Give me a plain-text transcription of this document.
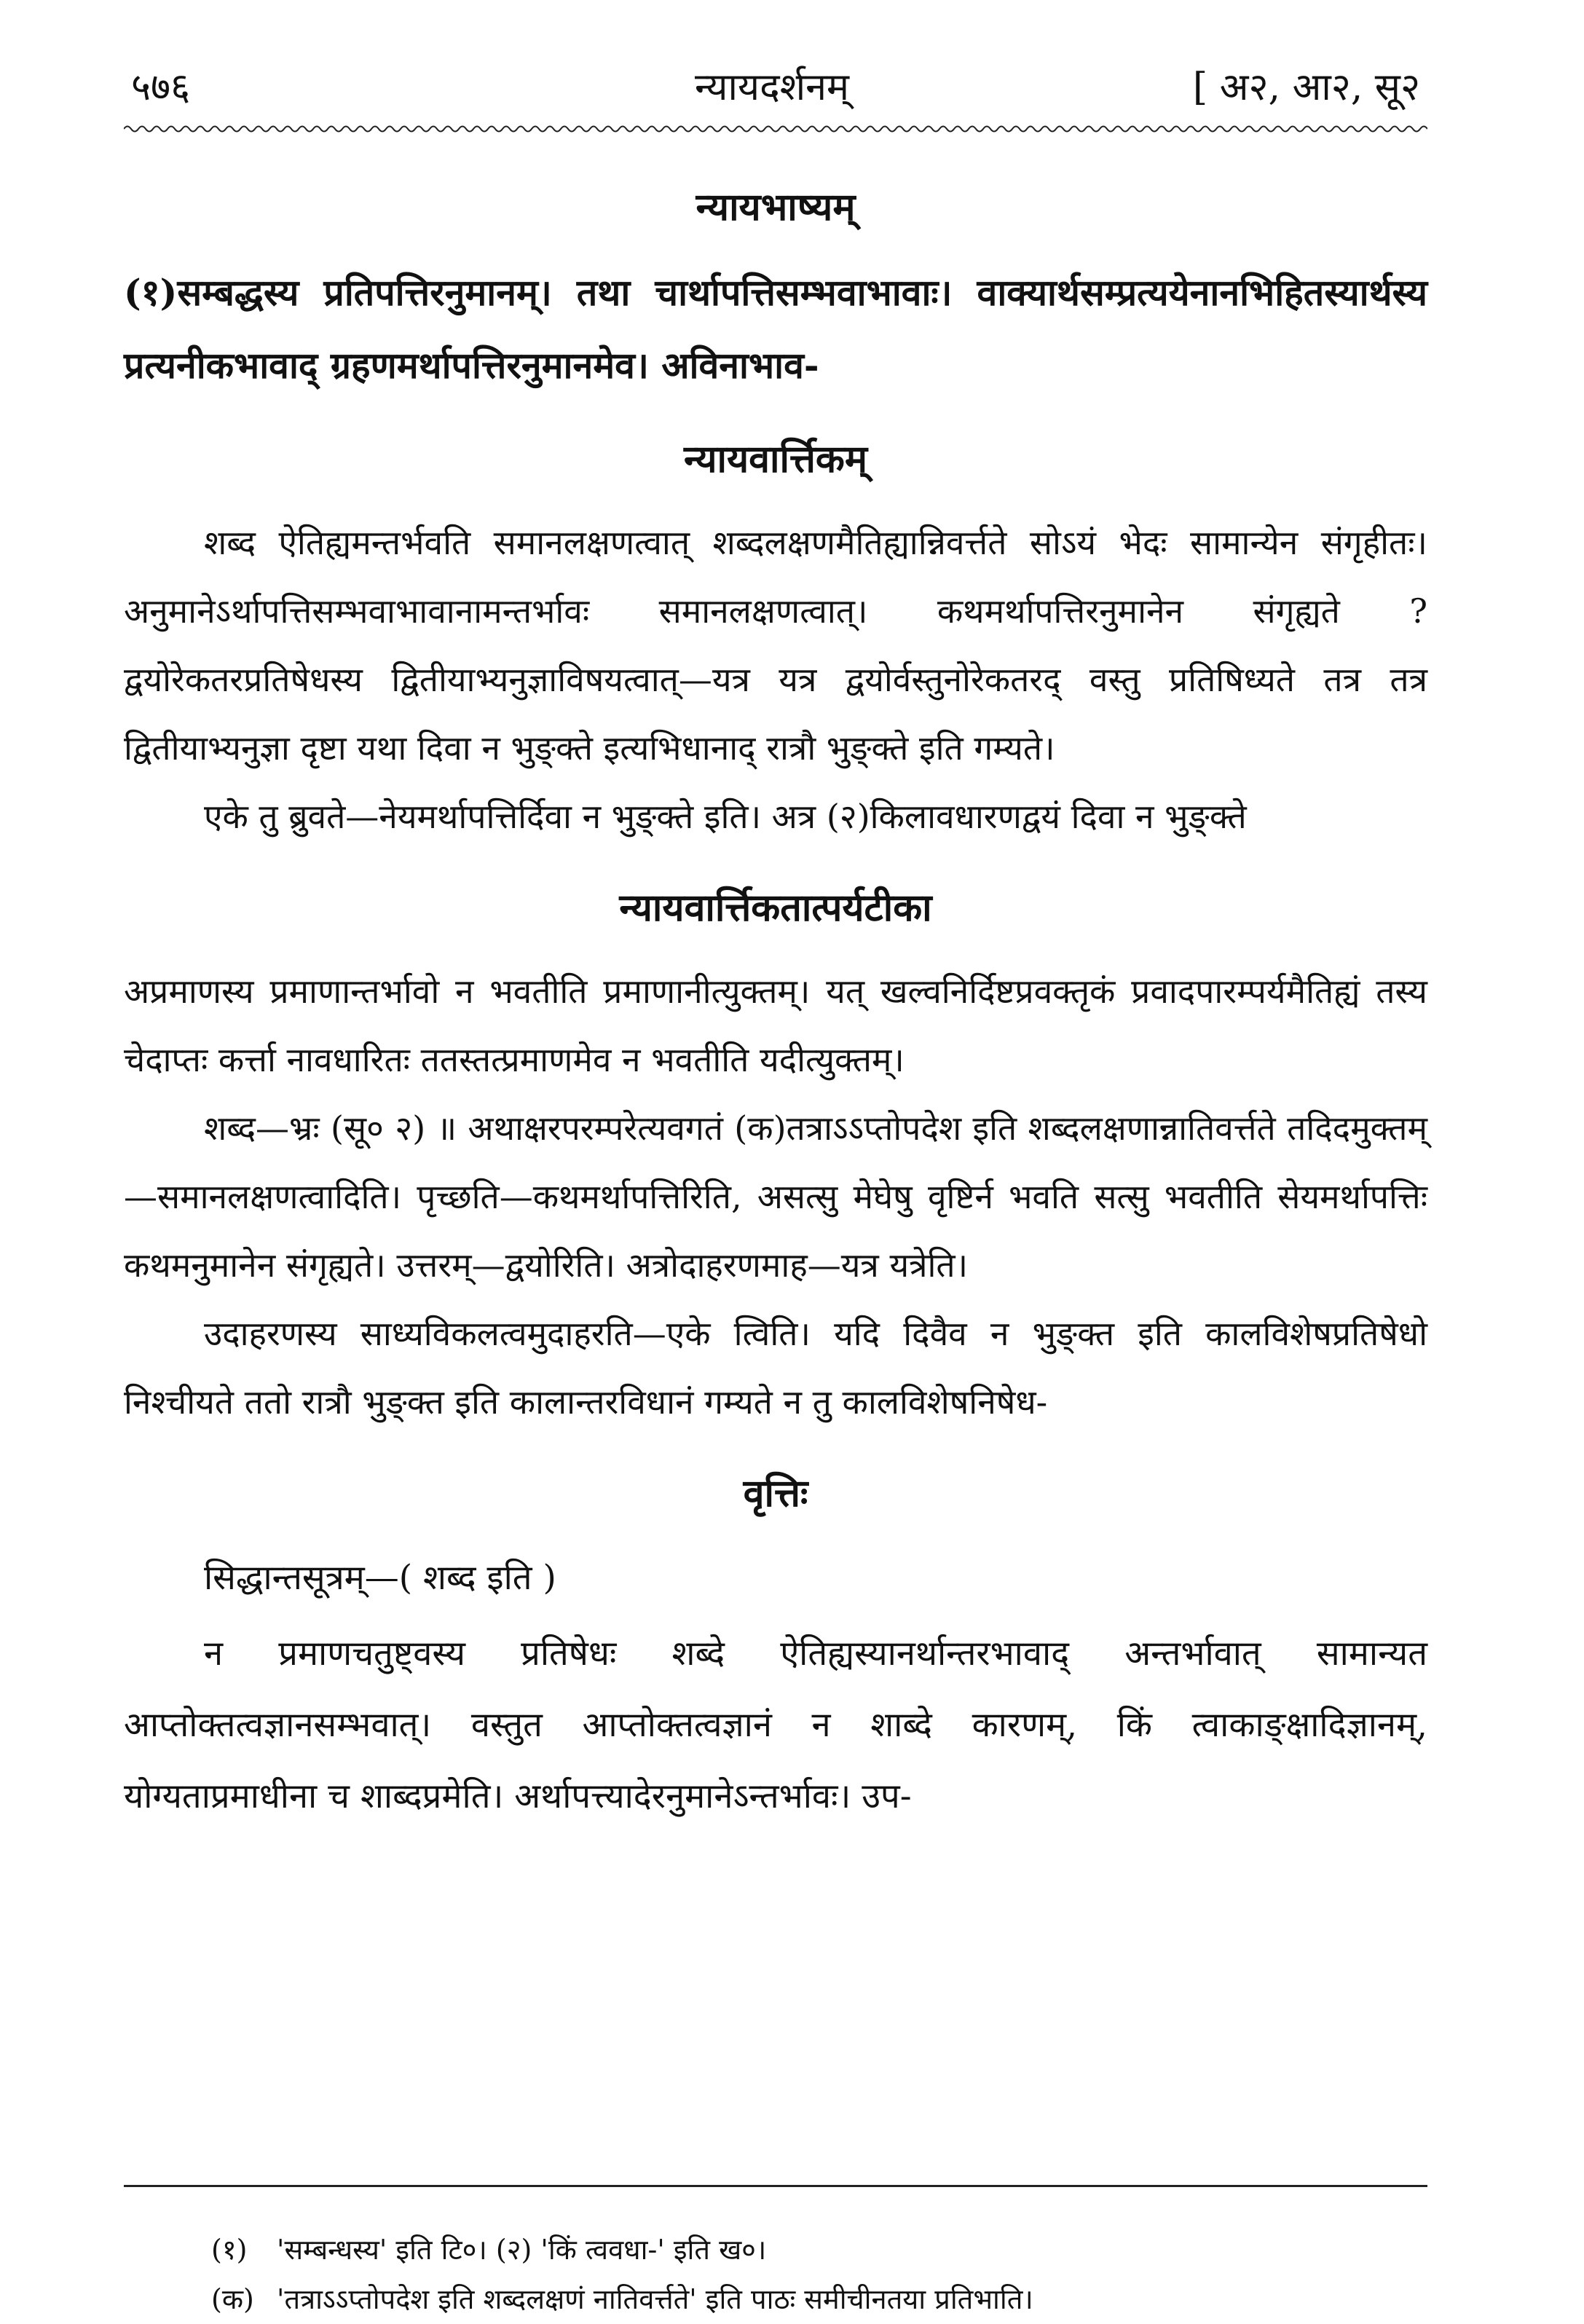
५७६	न्यायदर्शनम्	[ अ२, आ२, सू२
न्यायभाष्यम्

(१)सम्बद्धस्य प्रतिपत्तिरनुमानम्। तथा चार्थापत्तिसम्भवाभावाः। वाक्यार्थसम्प्रत्ययेनानभिहितस्यार्थस्य प्रत्यनीकभावाद् ग्रहणमर्थापत्तिरनुमानमेव। अविनाभाव-

न्यायवार्त्तिकम्

शब्द ऐतिह्यमन्तर्भवति समानलक्षणत्वात् शब्दलक्षणमैतिह्यान्निवर्त्तते सोऽयं भेदः सामान्येन संगृहीतः। अनुमानेऽर्थापत्तिसम्भवाभावानामन्तर्भावः समानलक्षणत्वात्। कथमर्थापत्तिरनुमानेन संगृह्यते ? द्वयोरेकतरप्रतिषेधस्य द्वितीयाभ्यनुज्ञाविषयत्वात्—यत्र यत्र द्वयोर्वस्तुनोरेकतरद् वस्तु प्रतिषिध्यते तत्र तत्र द्वितीयाभ्यनुज्ञा दृष्टा यथा दिवा न भुङ्क्ते इत्यभिधानाद् रात्रौ भुङ्क्ते इति गम्यते।

एके तु ब्रुवते—नेयमर्थापत्तिर्दिवा न भुङ्क्ते इति। अत्र (२)किलावधारणद्वयं दिवा न भुङ्क्ते

न्यायवार्त्तिकतात्पर्यटीका

अप्रमाणस्य प्रमाणान्तर्भावो न भवतीति प्रमाणानीत्युक्तम्। यत् खल्वनिर्दिष्टप्रवक्तृकं प्रवादपारम्पर्यमैतिह्यं तस्य चेदाप्तः कर्त्ता नावधारितः ततस्तत्प्रमाणमेव न भवतीति यदीत्युक्तम्।

शब्द—भ्रः (सू० २) ॥ अथाक्षरपरम्परेत्यवगतं (क)तत्राऽऽप्तोपदेश इति शब्दलक्षणान्नातिवर्त्तते तदिदमुक्तम्—समानलक्षणत्वादिति। पृच्छति—कथमर्थापत्तिरिति, असत्सु मेघेषु वृष्टिर्न भवति सत्सु भवतीति सेयमर्थापत्तिः कथमनुमानेन संगृह्यते। उत्तरम्—द्वयोरिति। अत्रोदाहरणमाह—यत्र यत्रेति।

उदाहरणस्य साध्यविकलत्वमुदाहरति—एके त्विति। यदि दिवैव न भुङ्क्त इति कालविशेषप्रतिषेधो निश्चीयते ततो रात्रौ भुङ्क्त इति कालान्तरविधानं गम्यते न तु कालविशेषनिषेध-

वृत्तिः

सिद्धान्तसूत्रम्—( शब्द इति )

न प्रमाणचतुष्ट्वस्य प्रतिषेधः शब्दे ऐतिह्यस्यानर्थान्तरभावाद् अन्तर्भावात् सामान्यत आप्तोक्तत्वज्ञानसम्भवात्। वस्तुत आप्तोक्तत्वज्ञानं न शाब्दे कारणम्, किं त्वाकाङ्क्षादिज्ञानम्, योग्यताप्रमाधीना च शाब्दप्रमेति। अर्थापत्त्यादेरनुमानेऽन्तर्भावः। उप-

(१) 'सम्बन्धस्य' इति टि०। (२) 'किं त्ववधा-' इति ख०।

(क) 'तत्राऽऽप्तोपदेश इति शब्दलक्षणं नातिवर्त्तते' इति पाठः समीचीनतया प्रतिभाति।
